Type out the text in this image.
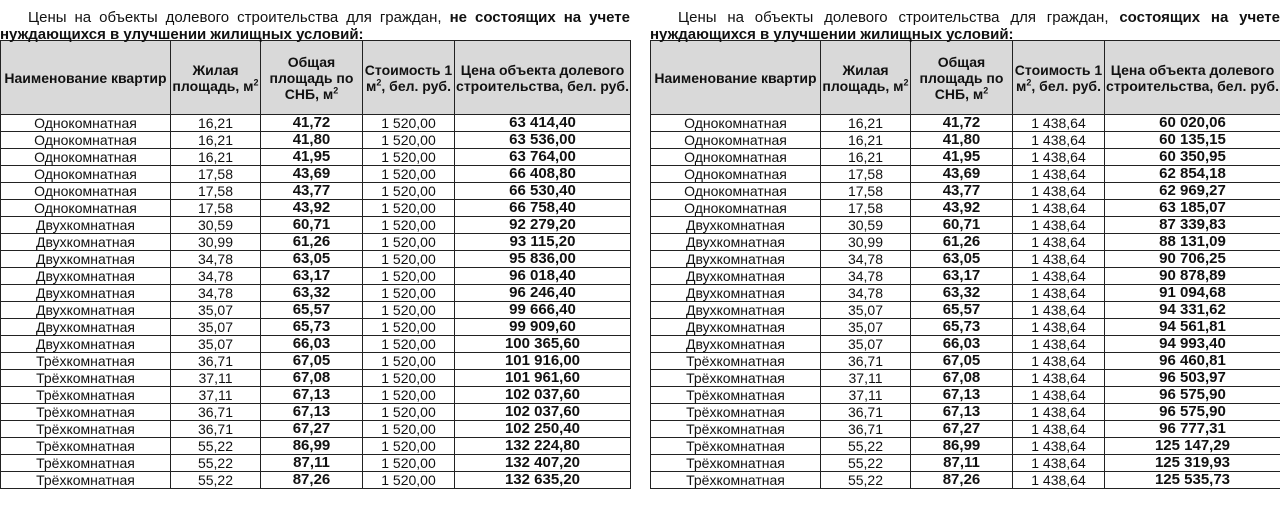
Цены на объекты долевого строительства для граждан, не состоящих на учете нуждающихся в улучшении жилищных условий:

Наименование квартир	Жилая площадь, $м^2$	Общая площадь по СНБ, $м^2$	Стоимость 1 $м^2$, бел. руб.	Цена объекта долевого строительства, бел. руб.
Однокомнатная	16,21	41,72	1 520,00	63 414,40
Однокомнатная	16,21	41,80	1 520,00	63 536,00
Однокомнатная	16,21	41,95	1 520,00	63 764,00
Однокомнатная	17,58	43,69	1 520,00	66 408,80
Однокомнатная	17,58	43,77	1 520,00	66 530,40
Однокомнатная	17,58	43,92	1 520,00	66 758,40
Двухкомнатная	30,59	60,71	1 520,00	92 279,20
Двухкомнатная	30,99	61,26	1 520,00	93 115,20
Двухкомнатная	34,78	63,05	1 520,00	95 836,00
Двухкомнатная	34,78	63,17	1 520,00	96 018,40
Двухкомнатная	34,78	63,32	1 520,00	96 246,40
Двухкомнатная	35,07	65,57	1 520,00	99 666,40
Двухкомнатная	35,07	65,73	1 520,00	99 909,60
Двухкомнатная	35,07	66,03	1 520,00	100 365,60
Трёхкомнатная	36,71	67,05	1 520,00	101 916,00
Трёхкомнатная	37,11	67,08	1 520,00	101 961,60
Трёхкомнатная	37,11	67,13	1 520,00	102 037,60
Трёхкомнатная	36,71	67,13	1 520,00	102 037,60
Трёхкомнатная	36,71	67,27	1 520,00	102 250,40
Трёхкомнатная	55,22	86,99	1 520,00	132 224,80
Трёхкомнатная	55,22	87,11	1 520,00	132 407,20
Трёхкомнатная	55,22	87,26	1 520,00	132 635,20

Цены на объекты долевого строительства для граждан, состоящих на учете нуждающихся в улучшении жилищных условий:

Наименование квартир	Жилая площадь, $м^2$	Общая площадь по СНБ, $м^2$	Стоимость 1 $м^2$, бел. руб.	Цена объекта долевого строительства, бел. руб.
Однокомнатная	16,21	41,72	1 438,64	60 020,06
Однокомнатная	16,21	41,80	1 438,64	60 135,15
Однокомнатная	16,21	41,95	1 438,64	60 350,95
Однокомнатная	17,58	43,69	1 438,64	62 854,18
Однокомнатная	17,58	43,77	1 438,64	62 969,27
Однокомнатная	17,58	43,92	1 438,64	63 185,07
Двухкомнатная	30,59	60,71	1 438,64	87 339,83
Двухкомнатная	30,99	61,26	1 438,64	88 131,09
Двухкомнатная	34,78	63,05	1 438,64	90 706,25
Двухкомнатная	34,78	63,17	1 438,64	90 878,89
Двухкомнатная	34,78	63,32	1 438,64	91 094,68
Двухкомнатная	35,07	65,57	1 438,64	94 331,62
Двухкомнатная	35,07	65,73	1 438,64	94 561,81
Двухкомнатная	35,07	66,03	1 438,64	94 993,40
Трёхкомнатная	36,71	67,05	1 438,64	96 460,81
Трёхкомнатная	37,11	67,08	1 438,64	96 503,97
Трёхкомнатная	37,11	67,13	1 438,64	96 575,90
Трёхкомнатная	36,71	67,13	1 438,64	96 575,90
Трёхкомнатная	36,71	67,27	1 438,64	96 777,31
Трёхкомнатная	55,22	86,99	1 438,64	125 147,29
Трёхкомнатная	55,22	87,11	1 438,64	125 319,93
Трёхкомнатная	55,22	87,26	1 438,64	125 535,73
